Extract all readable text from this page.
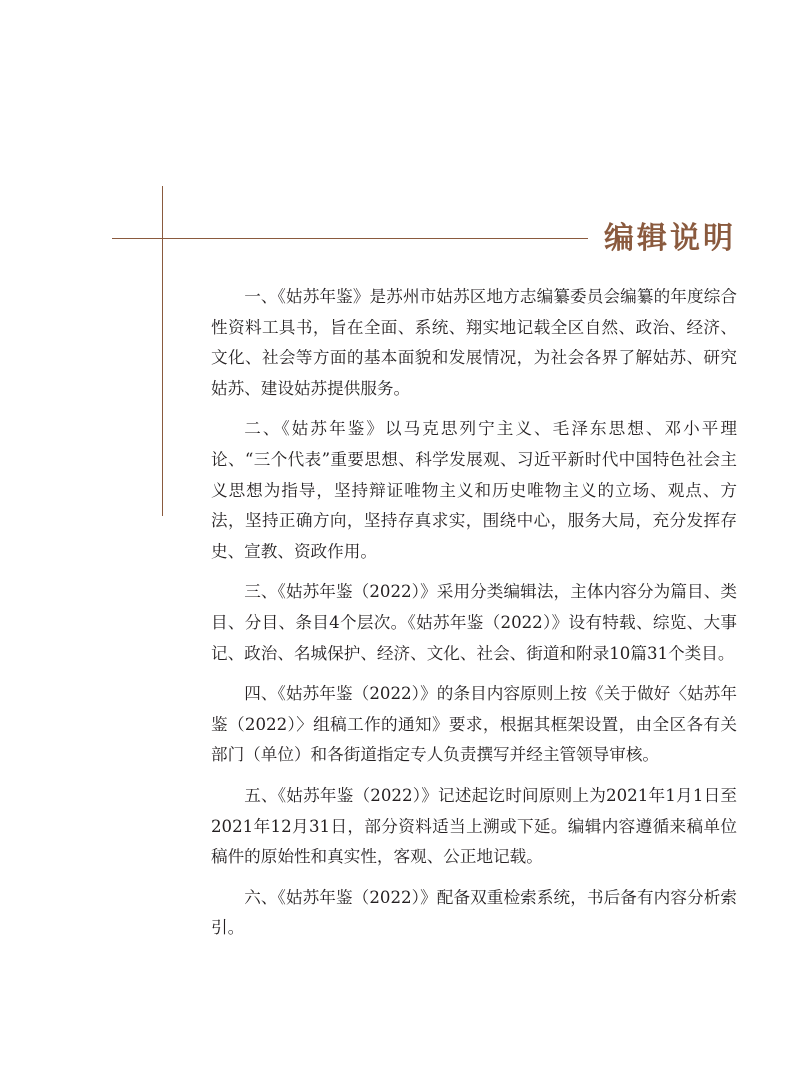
编辑说明

一、《姑苏年鉴》是苏州市姑苏区地方志编纂委员会编纂的年度综合性资料工具书，旨在全面、系统、翔实地记载全区自然、政治、经济、文化、社会等方面的基本面貌和发展情况，为社会各界了解姑苏、研究姑苏、建设姑苏提供服务。

二、《姑苏年鉴》以马克思列宁主义、毛泽东思想、邓小平理论、“三个代表”重要思想、科学发展观、习近平新时代中国特色社会主义思想为指导，坚持辩证唯物主义和历史唯物主义的立场、观点、方法，坚持正确方向，坚持存真求实，围绕中心，服务大局，充分发挥存史、宣教、资政作用。

三、《姑苏年鉴（2022）》采用分类编辑法，主体内容分为篇目、类目、分目、条目4个层次。《姑苏年鉴（2022）》设有特载、综览、大事记、政治、名城保护、经济、文化、社会、街道和附录10篇31个类目。

四、《姑苏年鉴（2022）》的条目内容原则上按《关于做好〈姑苏年鉴（2022）〉组稿工作的通知》要求，根据其框架设置，由全区各有关部门（单位）和各街道指定专人负责撰写并经主管领导审核。

五、《姑苏年鉴（2022）》记述起讫时间原则上为2021年1月1日至2021年12月31日，部分资料适当上溯或下延。编辑内容遵循来稿单位稿件的原始性和真实性，客观、公正地记载。

六、《姑苏年鉴（2022）》配备双重检索系统，书后备有内容分析索引。
